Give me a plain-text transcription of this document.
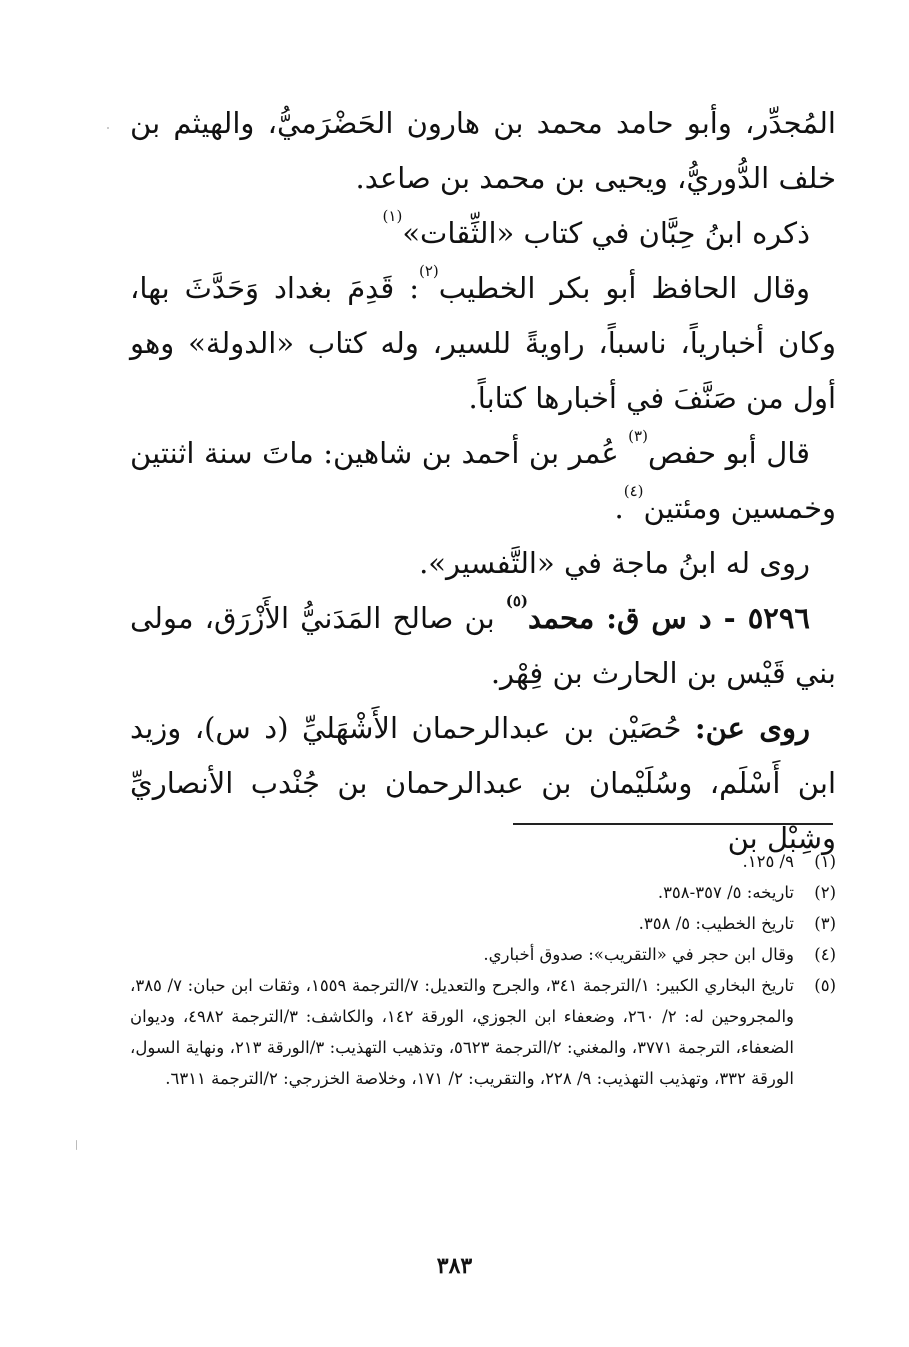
المُجدِّر، وأبو حامد محمد بن هارون الحَضْرَميُّ، والهيثم بن خلف الدُّوريُّ، ويحيى بن محمد بن صاعد.

ذكره ابنُ حِبَّان في كتاب «الثِّقات»$^{(١)}$

وقال الحافظ أبو بكر الخطيب$^{(٢)}$: قَدِمَ بغداد وَحَدَّثَ بها، وكان أخبارياً، ناسباً، راويةً للسير، وله كتاب «الدولة» وهو أول من صَنَّفَ في أخبارها كتاباً.

قال أبو حفص$^{(٣)}$ عُمر بن أحمد بن شاهين: ماتَ سنة اثنتين وخمسين ومئتين$^{(٤)}$.

روى له ابنُ ماجة في «التَّفسير».

٥٢٩٦ - د س ق: محمد$^{(٥)}$ بن صالح المَدَنيُّ الأَزْرَق، مولى بني قَيْس بن الحارث بن فِهْر.

روى عن: حُصَيْن بن عبدالرحمان الأَشْهَليِّ (د س)، وزيد ابن أَسْلَم، وسُلَيْمان بن عبدالرحمان بن جُنْدب الأنصاريِّ وشِبْل بن

(١)
٩/ ١٢٥.
(٢)
تاريخه: ٥/ ٣٥٧-٣٥٨.
(٣)
تاريخ الخطيب: ٥/ ٣٥٨.
(٤)
وقال ابن حجر في «التقريب»: صدوق أخباري.
(٥)
تاريخ البخاري الكبير: ١/الترجمة ٣٤١، والجرح والتعديل: ٧/الترجمة ١٥٥٩، وثقات ابن حبان: ٧/ ٣٨٥، والمجروحين له: ٢/ ٢٦٠، وضعفاء ابن الجوزي، الورقة ١٤٢، والكاشف: ٣/الترجمة ٤٩٨٢، وديوان الضعفاء، الترجمة ٣٧٧١، والمغني: ٢/الترجمة ٥٦٢٣، وتذهيب التهذيب: ٣/الورقة ٢١٣، ونهاية السول، الورقة ٣٣٢، وتهذيب التهذيب: ٩/ ٢٢٨، والتقريب: ٢/ ١٧١، وخلاصة الخزرجي: ٢/الترجمة ٦٣١١.
٣٨٣
